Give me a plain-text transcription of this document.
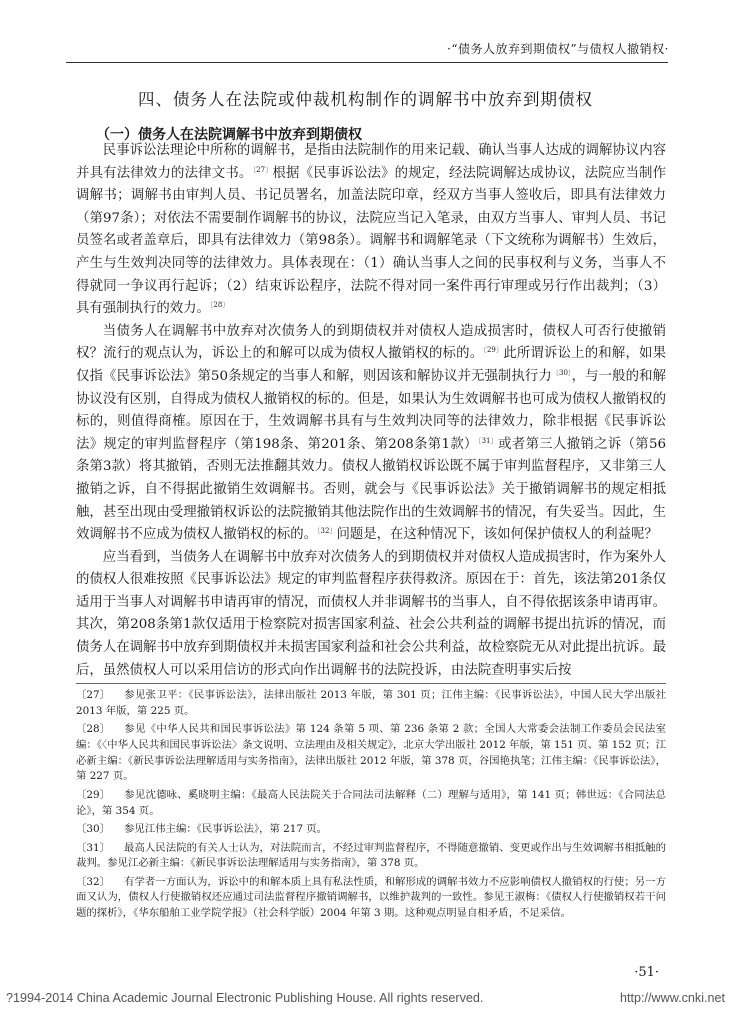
·“债务人放弃到期债权”与债权人撤销权·
四、债务人在法院或仲裁机构制作的调解书中放弃到期债权
（一）债务人在法院调解书中放弃到期债权

民事诉讼法理论中所称的调解书，是指由法院制作的用来记载、确认当事人达成的调解协议内容并具有法律效力的法律文书。$^{〔27〕}$根据《民事诉讼法》的规定，经法院调解达成协议，法院应当制作调解书；调解书由审判人员、书记员署名，加盖法院印章，经双方当事人签收后，即具有法律效力（第97条）；对依法不需要制作调解书的协议，法院应当记入笔录，由双方当事人、审判人员、书记员签名或者盖章后，即具有法律效力（第98条）。调解书和调解笔录（下文统称为调解书）生效后，产生与生效判决同等的法律效力。具体表现在：（1）确认当事人之间的民事权利与义务，当事人不得就同一争议再行起诉；（2）结束诉讼程序，法院不得对同一案件再行审理或另行作出裁判；（3）具有强制执行的效力。$^{〔28〕}$

当债务人在调解书中放弃对次债务人的到期债权并对债权人造成损害时，债权人可否行使撤销权？流行的观点认为，诉讼上的和解可以成为债权人撤销权的标的。$^{〔29〕}$此所谓诉讼上的和解，如果仅指《民事诉讼法》第50条规定的当事人和解，则因该和解协议并无强制执行力$^{〔30〕}$，与一般的和解协议没有区别，自得成为债权人撤销权的标的。但是，如果认为生效调解书也可成为债权人撤销权的标的，则值得商榷。原因在于，生效调解书具有与生效判决同等的法律效力，除非根据《民事诉讼法》规定的审判监督程序（第198条、第201条、第208条第1款）$^{〔31〕}$或者第三人撤销之诉（第56条第3款）将其撤销，否则无法推翻其效力。债权人撤销权诉讼既不属于审判监督程序，又非第三人撤销之诉，自不得据此撤销生效调解书。否则，就会与《民事诉讼法》关于撤销调解书的规定相抵触，甚至出现由受理撤销权诉讼的法院撤销其他法院作出的生效调解书的情况，有失妥当。因此，生效调解书不应成为债权人撤销权的标的。$^{〔32〕}$问题是，在这种情况下，该如何保护债权人的利益呢？

应当看到，当债务人在调解书中放弃对次债务人的到期债权并对债权人造成损害时，作为案外人的债权人很难按照《民事诉讼法》规定的审判监督程序获得救济。原因在于：首先，该法第201条仅适用于当事人对调解书申请再审的情况，而债权人并非调解书的当事人，自不得依据该条申请再审。其次，第208条第1款仅适用于检察院对损害国家利益、社会公共利益的调解书提出抗诉的情况，而债务人在调解书中放弃到期债权并未损害国家利益和社会公共利益，故检察院无从对此提出抗诉。最后，虽然债权人可以采用信访的形式向作出调解书的法院投诉，由法院查明事实后按

〔27〕 参见张卫平：《民事诉讼法》，法律出版社 2013 年版，第 301 页；江伟主编：《民事诉讼法》，中国人民大学出版社 2013 年版，第 225 页。
〔28〕 参见《中华人民共和国民事诉讼法》第 124 条第 5 项、第 236 条第 2 款；全国人大常委会法制工作委员会民法室编：《〈中华人民共和国民事诉讼法〉条文说明、立法理由及相关规定》，北京大学出版社 2012 年版，第 151 页、第 152 页；江必新主编：《新民事诉讼法理解适用与实务指南》，法律出版社 2012 年版，第 378 页，谷国艳执笔；江伟主编：《民事诉讼法》，第 227 页。
〔29〕 参见沈德咏、奚晓明主编：《最高人民法院关于合同法司法解释（二）理解与适用》，第 141 页；韩世远：《合同法总论》，第 354 页。
〔30〕 参见江伟主编：《民事诉讼法》，第 217 页。
〔31〕 最高人民法院的有关人士认为，对法院而言，不经过审判监督程序，不得随意撤销、变更或作出与生效调解书相抵触的裁判。参见江必新主编：《新民事诉讼法理解适用与实务指南》，第 378 页。
〔32〕 有学者一方面认为，诉讼中的和解本质上具有私法性质，和解形成的调解书效力不应影响债权人撤销权的行使；另一方面又认为，债权人行使撤销权还应通过司法监督程序撤销调解书，以维护裁判的一致性。参见王淑梅：《债权人行使撤销权若干问题的探析》，《华东船舶工业学院学报》（社会科学版）2004 年第 3 期。这种观点明显自相矛盾，不足采信。
·51·
?1994-2014 China Academic Journal Electronic Publishing House. All rights reserved.	http://www.cnki.net
